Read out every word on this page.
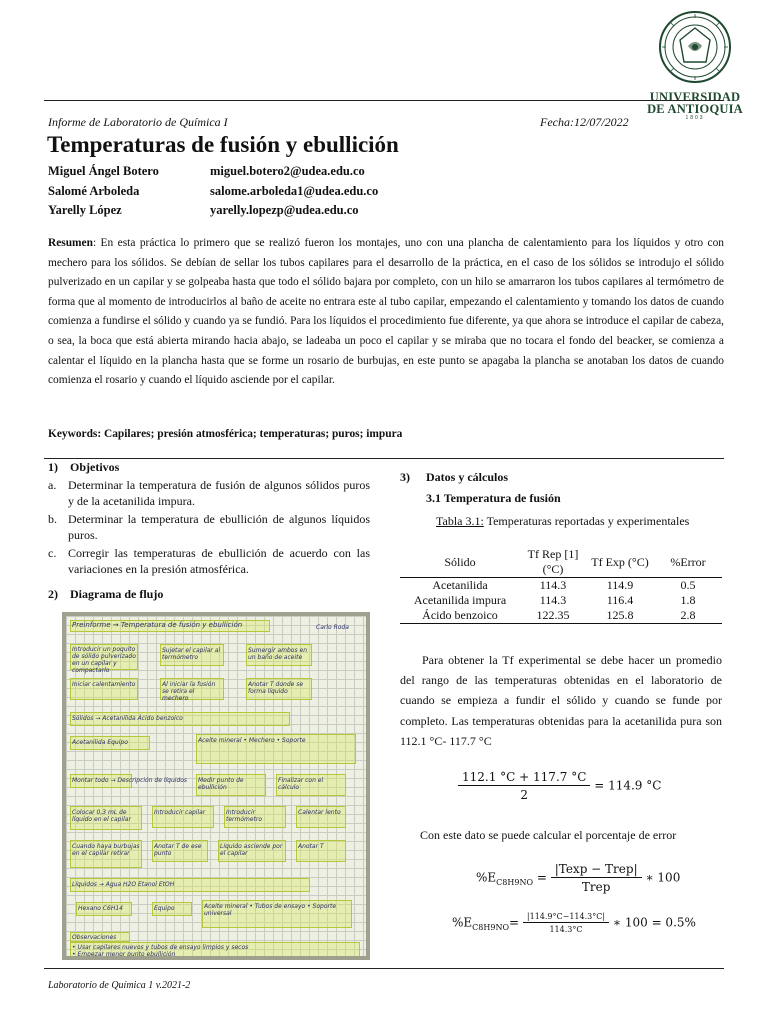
UNIVERSIDAD
DE ANTIOQUIA
1803
Informe de Laboratorio de Química I	Fecha:12/07/2022
Temperaturas de fusión y ebullición
Miguel Ángel Botero	miguel.botero2@udea.edu.co
Salomé Arboleda	salome.arboleda1@udea.edu.co
Yarelly López	yarelly.lopezp@udea.edu.co

Resumen: En esta práctica lo primero que se realizó fueron los montajes, uno con una plancha de calentamiento para los líquidos y otro con mechero para los sólidos. Se debían de sellar los tubos capilares para el desarrollo de la práctica, en el caso de los sólidos se introdujo el sólido pulverizado en un capilar y se golpeaba hasta que todo el sólido bajara por completo, con un hilo se amarraron los tubos capilares al termómetro de forma que al momento de introducirlos al baño de aceite no entrara este al tubo capilar, empezando el calentamiento y tomando los datos de cuando comienza a fundirse el sólido y cuando ya se fundió. Para los líquidos el procedimiento fue diferente, ya que ahora se introduce el capilar de cabeza, o sea, la boca que está abierta mirando hacia abajo, se ladeaba un poco el capilar y se miraba que no tocara el fondo del beacker, se comienza a calentar el líquido en la plancha hasta que se forme un rosario de burbujas, en este punto se apagaba la plancha se anotaban los datos de cuando comienza el rosario y cuando el líquido asciende por el capilar.

Keywords: Capilares; presión atmosférica; temperaturas; puros; impura
1) Objetivos
a. Determinar la temperatura de fusión de algunos sólidos puros y de la acetanilida impura.
b. Determinar la temperatura de ebullición de algunos líquidos puros.
c. Corregir las temperaturas de ebullición de acuerdo con las variaciones en la presión atmosférica.
2) Diagrama de flujo
Preinforme → Temperatura de fusión y ebullición	Carlo Roda
Introducir un poquito de sólido pulverizado en un capilar y compactarlo
Sujetar el capilar al termómetro
Sumergir ambos en un baño de aceite
Iniciar calentamiento	Al iniciar la fusión se retira el mechero
Anotar T donde se forma líquido
Sólidos → Acetanilida Ácido benzoico
Acetanilida Equipo	Aceite mineral • Mechero • Soporte
Montar todo → Descripción de líquidos Medir punto de ebullición
Finalizar con el cálculo
Colocar 0,3 mL de líquido en el capilar
Introducir capilar	Introducir termómetro
Calentar lento
Cuando haya burbujas en el capilar retirar
Anotar T de ese punto
Líquido asciende por el capilar
Anotar T
Líquidos → Agua H2O Etanol EtOH
Hexano C6H14	Equipo	Aceite mineral • Tubos de ensayo • Soporte universal
Observaciones
• Usar capilares nuevos y tubos de ensayo limpios y secos
• Empezar menor punto ebullición
3) Datos y cálculos
3.1 Temperatura de fusión

Tabla 3.1: Temperaturas reportadas y experimentales

Sólido	Tf Rep [1](°C)	Tf Exp (°C)	%Error
Acetanilida	114.3	114.9	0.5
Acetanilida impura	114.3	116.4	1.8
Ácido benzoico	122.35	125.8	2.8

Para obtener la Tf experimental se debe hacer un promedio del rango de las temperaturas obtenidas en el laboratorio de cuando se empieza a fundir el sólido y cuando se funde por completo. Las temperaturas obtenidas para la acetanilida pura son 112.1 °C- 117.7 °C

$\frac{112.1 ^\circ C + 117.7 ^\circ C}{2} = 114.9$ °C

Con este dato se puede calcular el porcentaje de error

$\%E_{C8H9NO} = \frac{\text{|Texp − Trep|}}{\text{Trep}}$ ∗ 100
$\%E_{C8H9NO}= \frac{|114.9^\circ C-114.3^\circ C|}{114.3^\circ C}$ ∗ 100 = 0.5%
Laboratorio de Química 1 v.2021-2
